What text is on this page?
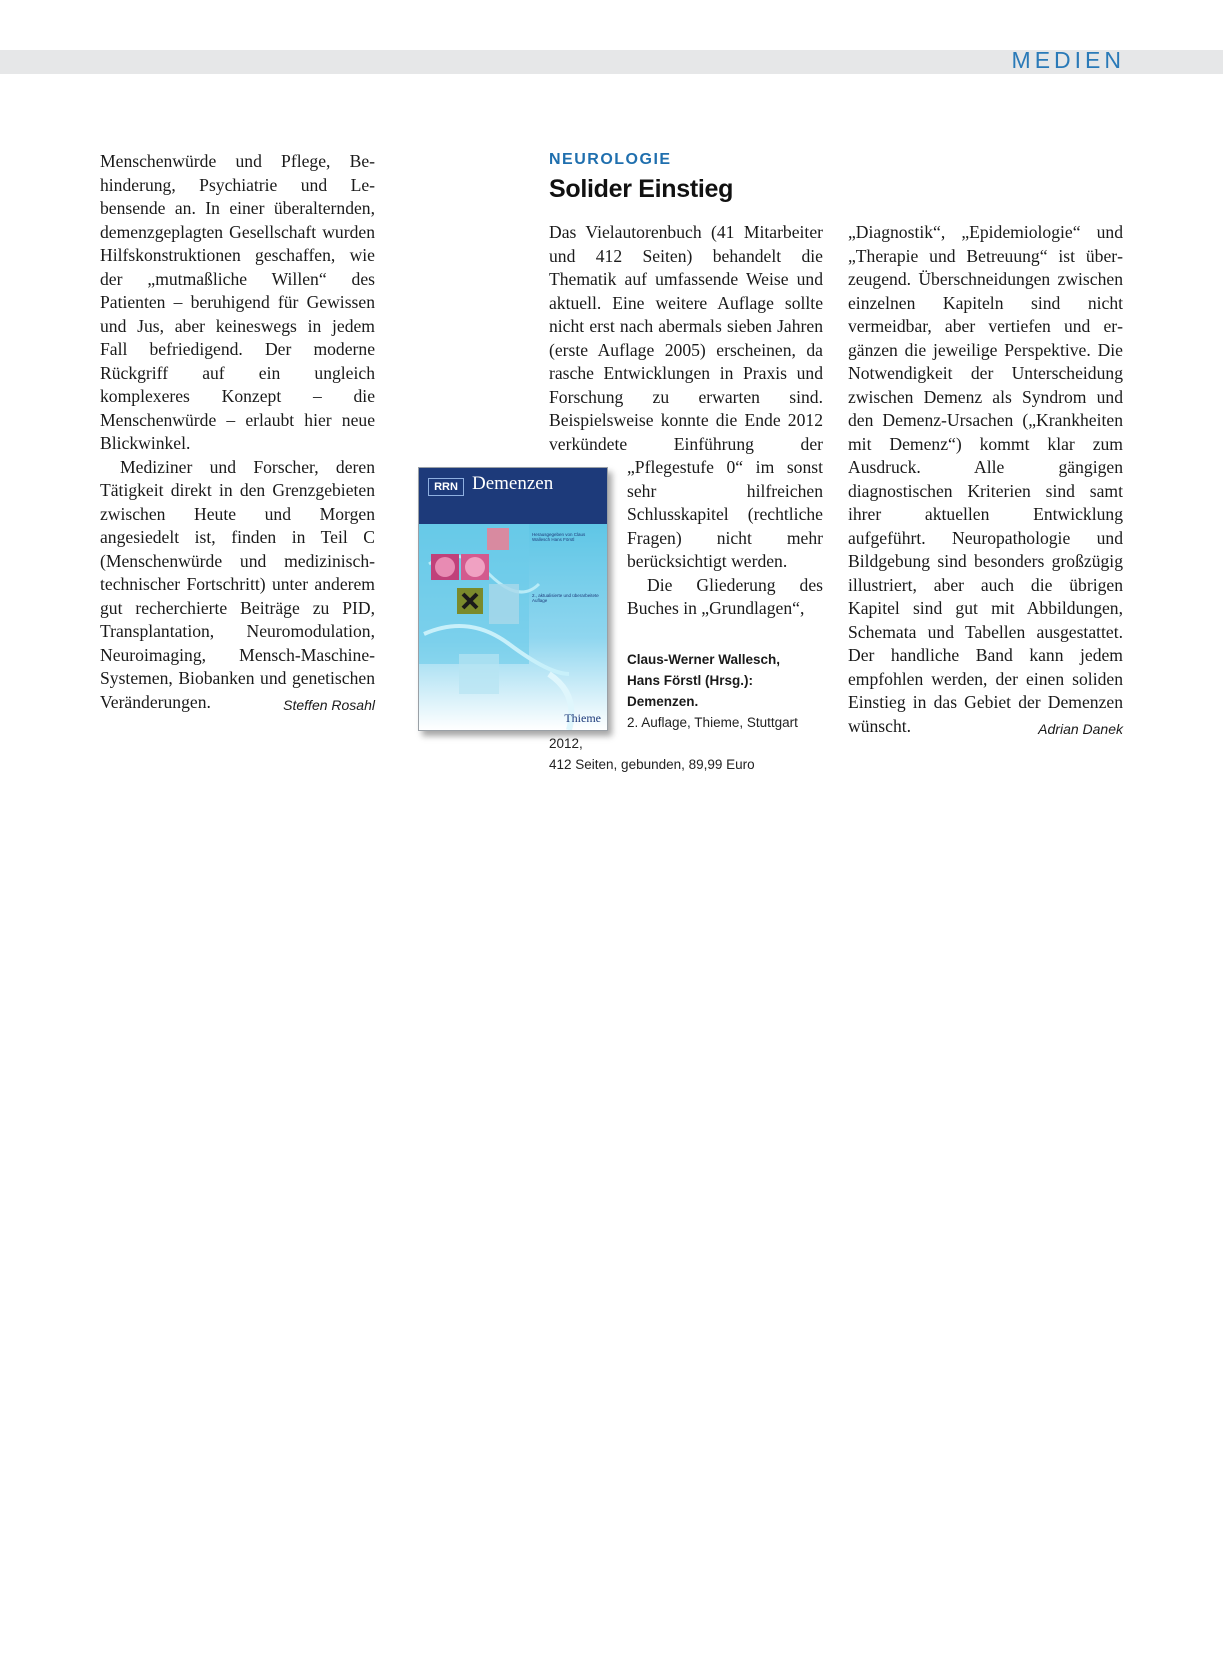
MEDIEN

Menschenwürde und Pflege, Behinderung, Psychiatrie und Lebensende an. In einer überalternden, demenzgeplagten Gesellschaft wurden Hilfskonstruktionen geschaffen, wie der „mutmaßliche Willen“ des Patienten – beruhigend für Gewissen und Jus, aber keineswegs in jedem Fall befriedigend. Der moderne Rückgriff auf ein ungleich komplexeres Konzept – die Menschenwürde – erlaubt hier neue Blickwinkel.

Mediziner und Forscher, deren Tätigkeit direkt in den Grenzgebieten zwischen Heute und Morgen angesiedelt ist, finden in Teil C (Menschenwürde und medizinisch-technischer Fortschritt) unter anderem gut recherchierte Beiträge zu PID, Transplantation, Neuromodulation, Neuroimaging, Mensch-Maschine-Systemen, Biobanken und genetischen Veränderungen.	Steffen Rosahl

NEUROLOGIE
Solider Einstieg

Das Vielautorenbuch (41 Mitarbeiter und 412 Seiten) behandelt die Thematik auf umfassende Weise und aktuell. Eine weitere Auflage sollte nicht erst nach abermals sieben Jahren (erste Auflage 2005) erscheinen, da rasche Entwicklungen in Praxis und Forschung zu erwarten sind. Beispielsweise konnte die Ende 2012 verkündete Einführung der „Pflegestufe 0“ im sonst sehr hilfreichen Schlusskapitel (rechtliche Fragen) nicht mehr berücksichtigt werden.

Die Gliederung des Buches in „Grundlagen“,

Claus-Werner Wallesch,
Hans Förstl (Hrsg.): Demenzen.
2. Auflage, Thieme, Stuttgart 2012,
412 Seiten, gebunden, 89,99 Euro

„Diagnostik“, „Epidemiologie“ und „Therapie und Betreuung“ ist überzeugend. Überschneidungen zwischen einzelnen Kapiteln sind nicht vermeidbar, aber vertiefen und ergänzen die jeweilige Perspektive. Die Notwendigkeit der Unterscheidung zwischen Demenz als Syndrom und den Demenz-Ursachen („Krankheiten mit Demenz“) kommt klar zum Ausdruck. Alle gängigen diagnostischen Kriterien sind samt ihrer aktuellen Entwicklung aufgeführt. Neuropathologie und Bildgebung sind besonders großzügig illustriert, aber auch die übrigen Kapitel sind gut mit Abbildungen, Schemata und Tabellen ausgestattet. Der handliche Band kann jedem empfohlen werden, der einen soliden Einstieg in das Gebiet der Demenzen wünscht.	Adrian Danek

RRN Demenzen
Herausgegeben von Claus Wallesch Hans Förstl
2., aktualisierte und überarbeitete Auflage
Thieme
